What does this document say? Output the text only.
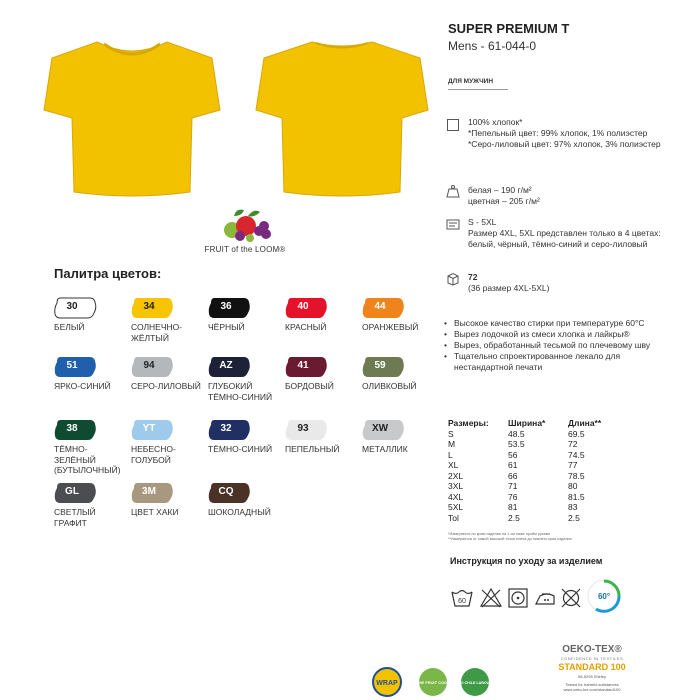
FRUIT of the LOOM®
Палитра цветов:
30
БЕЛЫЙ
34
СОЛНЕЧНО-ЖЁЛТЫЙ
36
ЧЁРНЫЙ
40
КРАСНЫЙ
44
ОРАНЖЕВЫЙ
51
ЯРКО-СИНИЙ
94
СЕРО-ЛИЛОВЫЙ
AZ
ГЛУБОКИЙ ТЁМНО-СИНИЙ
41
БОРДОВЫЙ
59
ОЛИВКОВЫЙ
38
ТЁМНО-ЗЕЛЁНЫЙ (БУТЫЛОЧНЫЙ)
YT
НЕБЕСНО-ГОЛУБОЙ
32
ТЁМНО-СИНИЙ
93
ПЕПЕЛЬНЫЙ
XW
МЕТАЛЛИК
GL
СВЕТЛЫЙ ГРАФИТ
3M
ЦВЕТ ХАКИ
CQ
ШОКОЛАДНЫЙ
SUPER PREMIUM T
Mens - 61-044-0
ДЛЯ МУЖЧИН
100% хлопок*
*Пепельный цвет: 99% хлопок, 1% полиэстер
*Серо-лиловый цвет: 97% хлопок, 3% полиэстер
белая – 190 г/м²
цветная – 205 г/м²
S - 5XL
Размер 4XL, 5XL представлен только в 4 цветах: белый, чёрный, тёмно-синий и серо-лиловый
72
(36 размер 4XL-5XL)
• Высокое качество стирки при температуре 60°C
• Вырез лодочкой из смеси хлопка и лайкры®
• Вырез, обработанный тесьмой по плечевому шву
• Тщательно спроектированное лекало для нестандартной печати
Размеры:
S
M
L
XL
2XL
3XL
4XL
5XL
Tol
Ширина*
48.5
53.5
56
61
66
71
76
81
2.5
Длина**
69.5
72
74.5
77
78.5
80
81.5
83
2.5
*Измеряется по краю изделия на 1 см ниже пройм рукава
**Измеряется от самой высокой точки плеча до нижнего края изделия
Инструкция по уходу за изделием
60
60°
OEKO-TEX®
CONFIDENCE IN TEXTILES
STANDARD 100
08-5295 Shirley
Tested for harmful substances
www.oeko-tex.com/standard100
WRAP	THE FRUIT CODE NO CHILD LABOUR
